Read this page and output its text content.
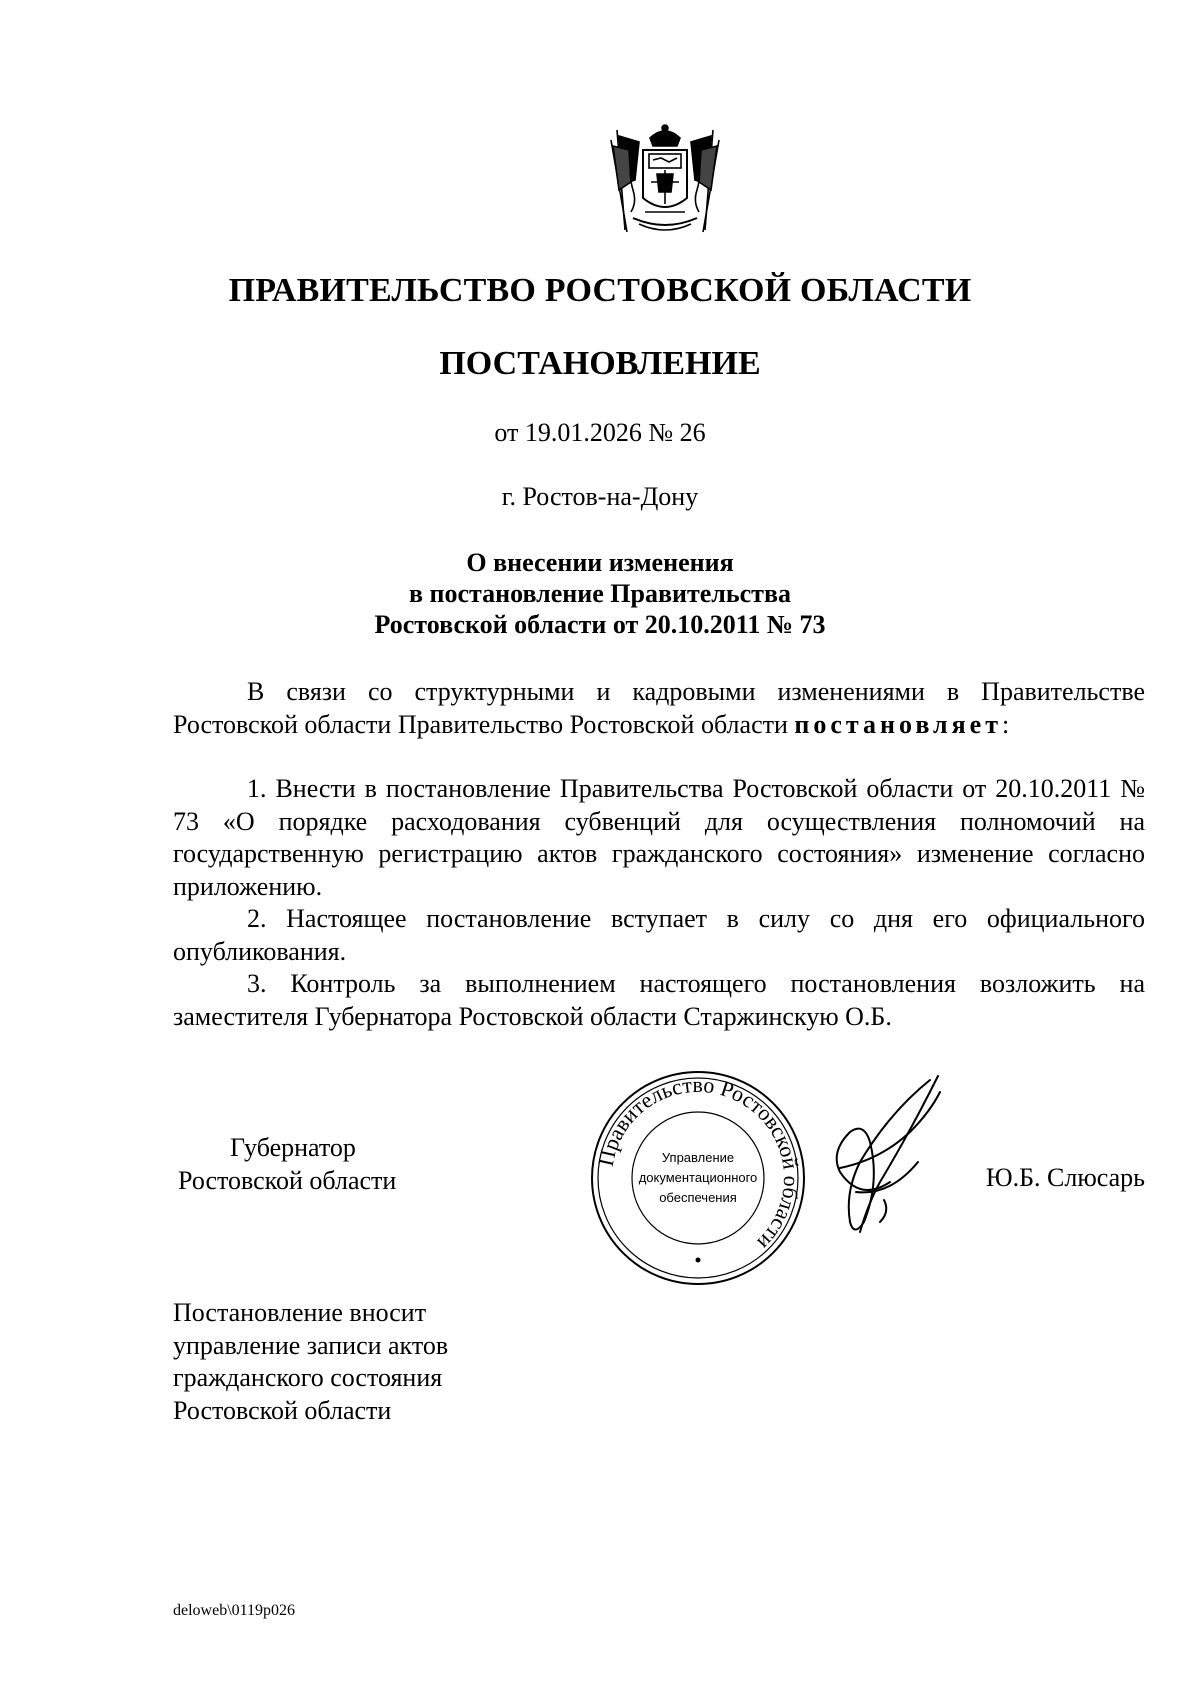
ПРАВИТЕЛЬСТВО РОСТОВСКОЙ ОБЛАСТИ
ПОСТАНОВЛЕНИЕ
от 19.01.2026 № 26
г. Ростов-на-Дону
О внесении изменения
в постановление Правительства
Ростовской области от 20.10.2011 № 73
В связи со структурными и кадровыми изменениями в Правительстве Ростовской области Правительство Ростовской области постановляет:
1. Внести в постановление Правительства Ростовской области от 20.10.2011 № 73 «О порядке расходования субвенций для осуществления полномочий на государственную регистрацию актов гражданского состояния» изменение согласно приложению.
2. Настоящее постановление вступает в силу со дня его официального опубликования.
3. Контроль за выполнением настоящего постановления возложить на заместителя Губернатора Ростовской области Старжинскую О.Б.
Губернатор
Ростовской области
Правительство Ростовской области
Управление
документационного
обеспечения
Ю.Б. Слюсарь
Постановление вносит
управление записи актов
гражданского состояния
Ростовской области
deloweb\0119p026
